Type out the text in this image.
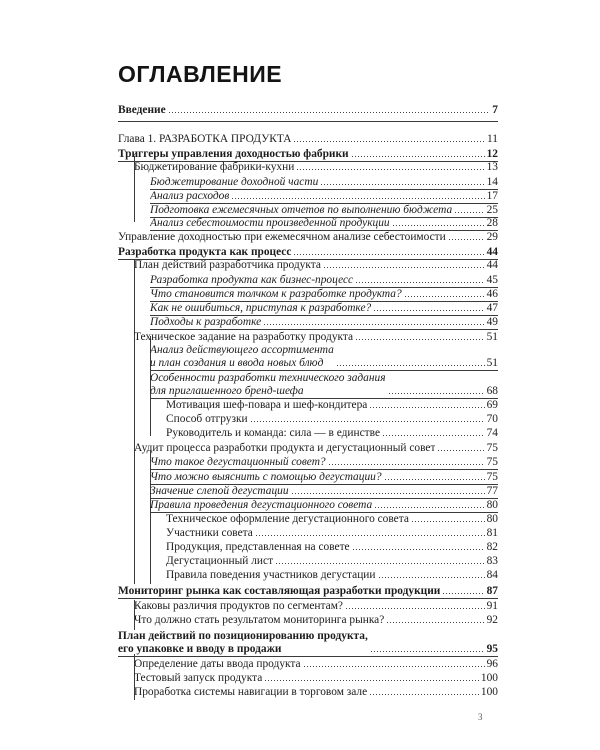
ОГЛАВЛЕНИЕ
Введение	7
Глава 1. РАЗРАБОТКА ПРОДУКТА	11
Триггеры управления доходностью фабрики	12
Бюджетирование фабрики-кухни	13
Бюджетирование доходной части	14
Анализ расходов	17
Подготовка ежемесячных отчетов по выполнению бюджета	25
Анализ себестоимости произведенной продукции	28
Управление доходностью при ежемесячном анализе себестоимости	29
Разработка продукта как процесс	44
План действий разработчика продукта	44
Разработка продукта как бизнес-процесс	45
Что становится толчком к разработке продукта?	46
Как не ошибиться, приступая к разработке?	47
Подходы к разработке	49
Техническое задание на разработку продукта	51
Анализ действующего ассортимента
и план создания и ввода новых блюд	51
Особенности разработки технического задания
для приглашенного бренд-шефа	68
Мотивация шеф-повара и шеф-кондитера	69
Способ отгрузки	70
Руководитель и команда: сила — в единстве	74
Аудит процесса разработки продукта и дегустационный совет	75
Что такое дегустационный совет?	75
Что можно выяснить с помощью дегустации?	75
Значение слепой дегустации	77
Правила проведения дегустационного совета	80
Техническое оформление дегустационного совета	80
Участники совета	81
Продукция, представленная на совете	82
Дегустационный лист	83
Правила поведения участников дегустации	84
Мониторинг рынка как составляющая разработки продукции	87
Каковы различия продуктов по сегментам?	91
Что должно стать результатом мониторинга рынка?	92
План действий по позиционированию продукта,
его упаковке и вводу в продажи	95
Определение даты ввода продукта	96
Тестовый запуск продукта	100
Проработка системы навигации в торговом зале	100
3
